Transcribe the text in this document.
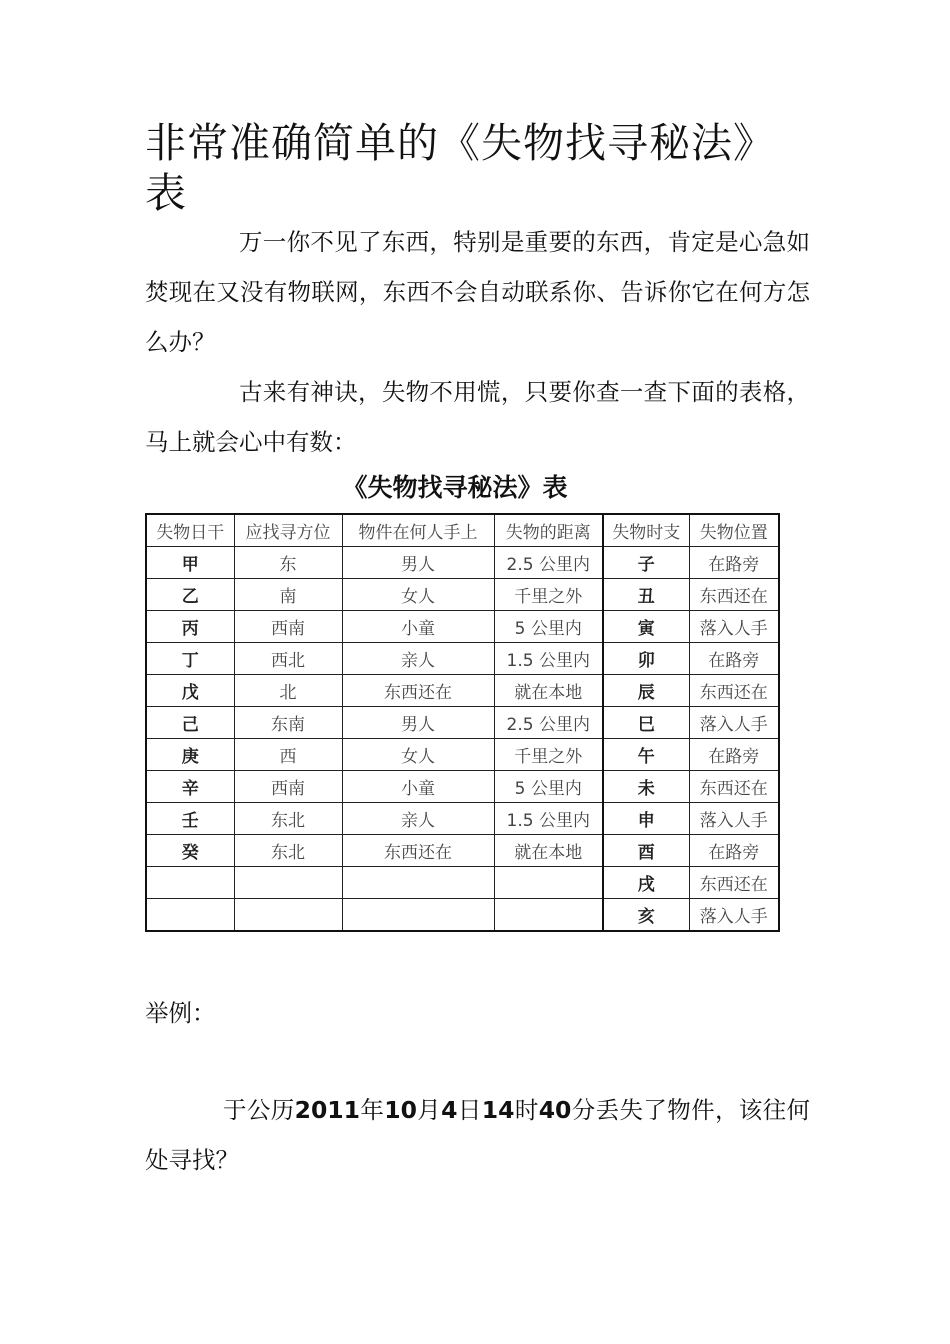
非常准确简单的《失物找寻秘法》表

万一你不见了东西，特别是重要的东西，肯定是心急如焚现在又没有物联网，东西不会自动联系你、告诉你它在何方怎么办？

古来有神诀，失物不用慌，只要你查一查下面的表格，马上就会心中有数：

《失物找寻秘法》表
失物日干	应找寻方位	物件在何人手上	失物的距离	失物时支	失物位置
甲	东	男人	2.5 公里内	子	在路旁
乙	南	女人	千里之外	丑	东西还在
丙	西南	小童	5 公里内	寅	落入人手
丁	西北	亲人	1.5 公里内	卯	在路旁
戊	北	东西还在	就在本地	辰	东西还在
己	东南	男人	2.5 公里内	巳	落入人手
庚	西	女人	千里之外	午	在路旁
辛	西南	小童	5 公里内	未	东西还在
壬	东北	亲人	1.5 公里内	申	落入人手
癸	东北	东西还在	就在本地	酉	在路旁
				戌	东西还在
				亥	落入人手

举例：

于公历2011年10月4日14时40分丢失了物件，该往何处寻找？
